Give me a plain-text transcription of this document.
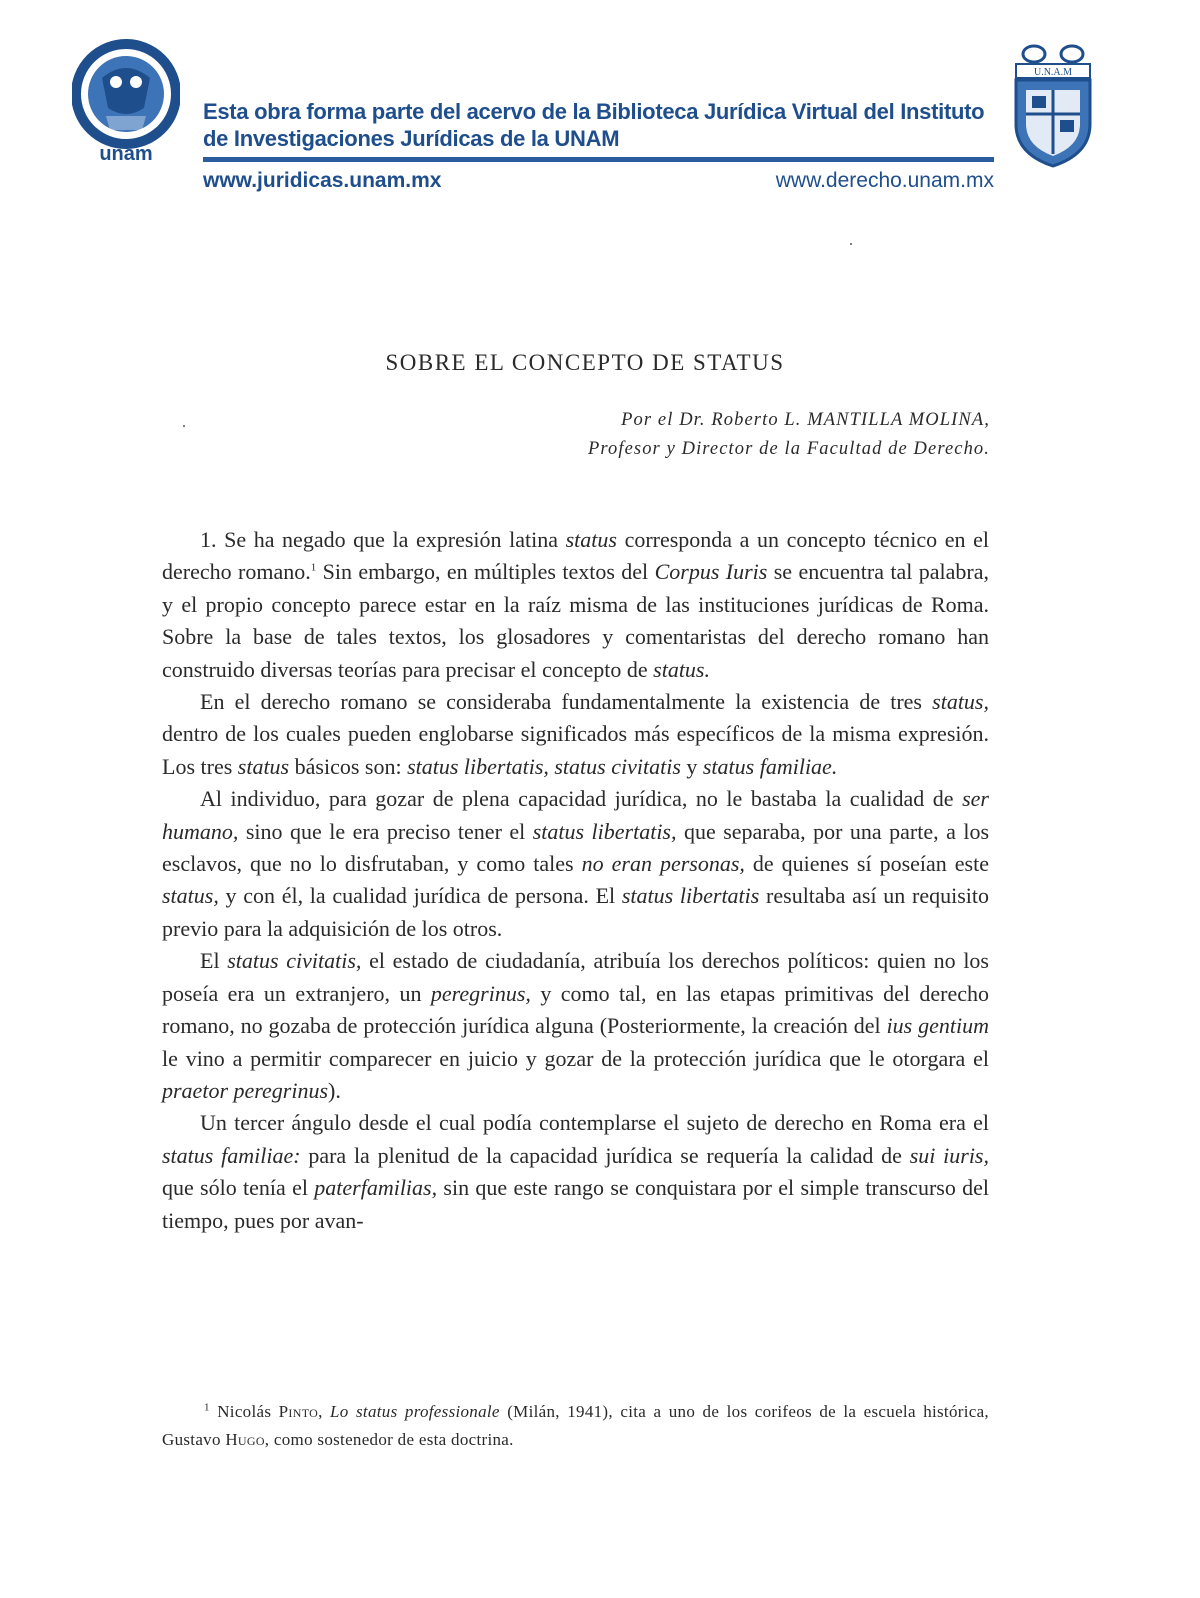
unam
U.N.A.M
Esta obra forma parte del acervo de la Biblioteca Jurídica Virtual del Instituto
de Investigaciones Jurídicas de la UNAM
www.juridicas.unam.mx	www.derecho.unam.mx
SOBRE EL CONCEPTO DE STATUS
Por el Dr. Roberto L. MANTILLA MOLINA,
Profesor y Director de la Facultad de Derecho.

1. Se ha negado que la expresión latina status corresponda a un concepto técnico en el derecho romano.$^1$ Sin embargo, en múltiples textos del Corpus Iuris se encuentra tal palabra, y el propio concepto parece estar en la raíz misma de las instituciones jurídicas de Roma. Sobre la base de tales textos, los glosadores y comentaristas del derecho romano han construido diversas teorías para precisar el concepto de status.

En el derecho romano se consideraba fundamentalmente la existencia de tres status, dentro de los cuales pueden englobarse significados más específicos de la misma expresión. Los tres status básicos son: status libertatis, status civitatis y status familiae.

Al individuo, para gozar de plena capacidad jurídica, no le bastaba la cualidad de ser humano, sino que le era preciso tener el status libertatis, que separaba, por una parte, a los esclavos, que no lo disfrutaban, y como tales no eran personas, de quienes sí poseían este status, y con él, la cualidad jurídica de persona. El status libertatis resultaba así un requisito previo para la adquisición de los otros.

El status civitatis, el estado de ciudadanía, atribuía los derechos políticos: quien no los poseía era un extranjero, un peregrinus, y como tal, en las etapas primitivas del derecho romano, no gozaba de protección jurídica alguna (Posteriormente, la creación del ius gentium le vino a permitir comparecer en juicio y gozar de la protección jurídica que le otorgara el praetor peregrinus).

Un tercer ángulo desde el cual podía contemplarse el sujeto de derecho en Roma era el status familiae: para la plenitud de la capacidad jurídica se requería la calidad de sui iuris, que sólo tenía el paterfamilias, sin que este rango se conquistara por el simple transcurso del tiempo, pues por avan-

$^1$ Nicolás Pinto, Lo status professionale (Milán, 1941), cita a uno de los corifeos de la escuela histórica, Gustavo Hugo, como sostenedor de esta doctrina.
